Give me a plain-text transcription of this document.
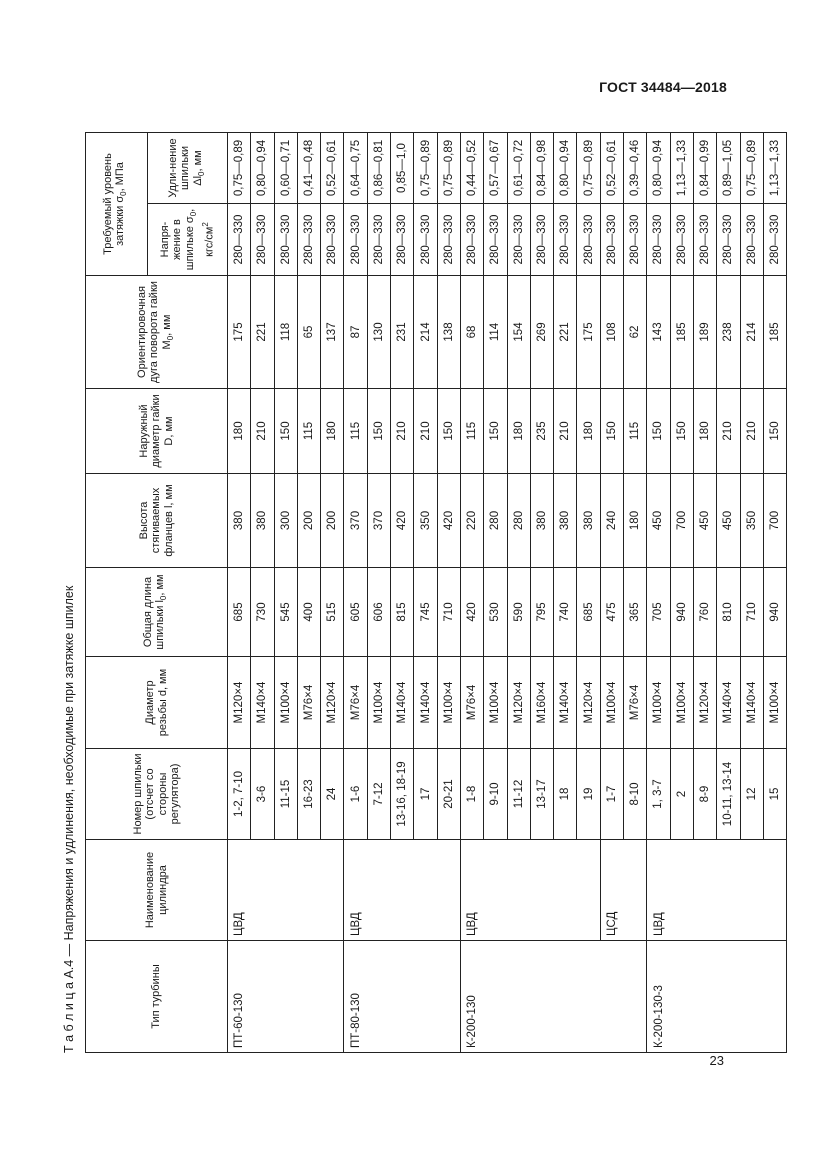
ГОСТ 34484—2018
23
Т а б л и ц а А.4 — Напряжения и удлинения, необходимые при затяжке шпилек	Тип турбины	Наименование цилиндра	Номер шпильки (отсчет со стороны регулятора)	Диаметр резьбы d, мм	Общая длина шпильки $l_0$, мм	Высота стягиваемых фланцев l, мм	Наружный диаметр гайки D, мм	Ориентировочная дуга поворота гайки $M_0$, мм	Требуемый уровень затяжки $\sigma_0$, МПа	
								Напря-жение в шпильке $\sigma_0$, кгс/$см^2$	Удли-нение шпильки $\Delta l_0$, мм
ПТ-60-130	ЦВД	1-2, 7-10	М120×4	685	380	180	175	280—330	0,75—0,89
		3-6	М140×4	730	380	210	221	280—330	0,80—0,94
		11-15	М100×4	545	300	150	118	280—330	0,60—0,71
		16-23	М76×4	400	200	115	65	280—330	0,41—0,48
		24	М120×4	515	200	180	137	280—330	0,52—0,61
ПТ-80-130	ЦВД	1-6	М76×4	605	370	115	87	280—330	0,64—0,75
		7-12	М100×4	606	370	150	130	280—330	0,86—0,81
		13-16, 18-19	М140×4	815	420	210	231	280—330	0,85—1,0
		17	М140×4	745	350	210	214	280—330	0,75—0,89
		20-21	М100×4	710	420	150	138	280—330	0,75—0,89
К-200-130	ЦВД	1-8	М76×4	420	220	115	68	280—330	0,44—0,52
		9-10	М100×4	530	280	150	114	280—330	0,57—0,67
		11-12	М120×4	590	280	180	154	280—330	0,61—0,72
		13-17	М160×4	795	380	235	269	280—330	0,84—0,98
		18	М140×4	740	380	210	221	280—330	0,80—0,94
		19	М120×4	685	380	180	175	280—330	0,75—0,89
	ЦСД	1-7	М100×4	475	240	150	108	280—330	0,52—0,61
		8-10	М76×4	365	180	115	62	280—330	0,39—0,46
К-200-130-3	ЦВД	1, 3-7	М100×4	705	450	150	143	280—330	0,80—0,94
		2	М100×4	940	700	150	185	280—330	1,13—1,33
		8-9	М120×4	760	450	180	189	280—330	0,84—0,99
		10-11, 13-14	М140×4	810	450	210	238	280—330	0,89—1,05
		12	М140×4	710	350	210	214	280—330	0,75—0,89
		15	М100×4	940	700	150	185	280—330	1,13—1,33
